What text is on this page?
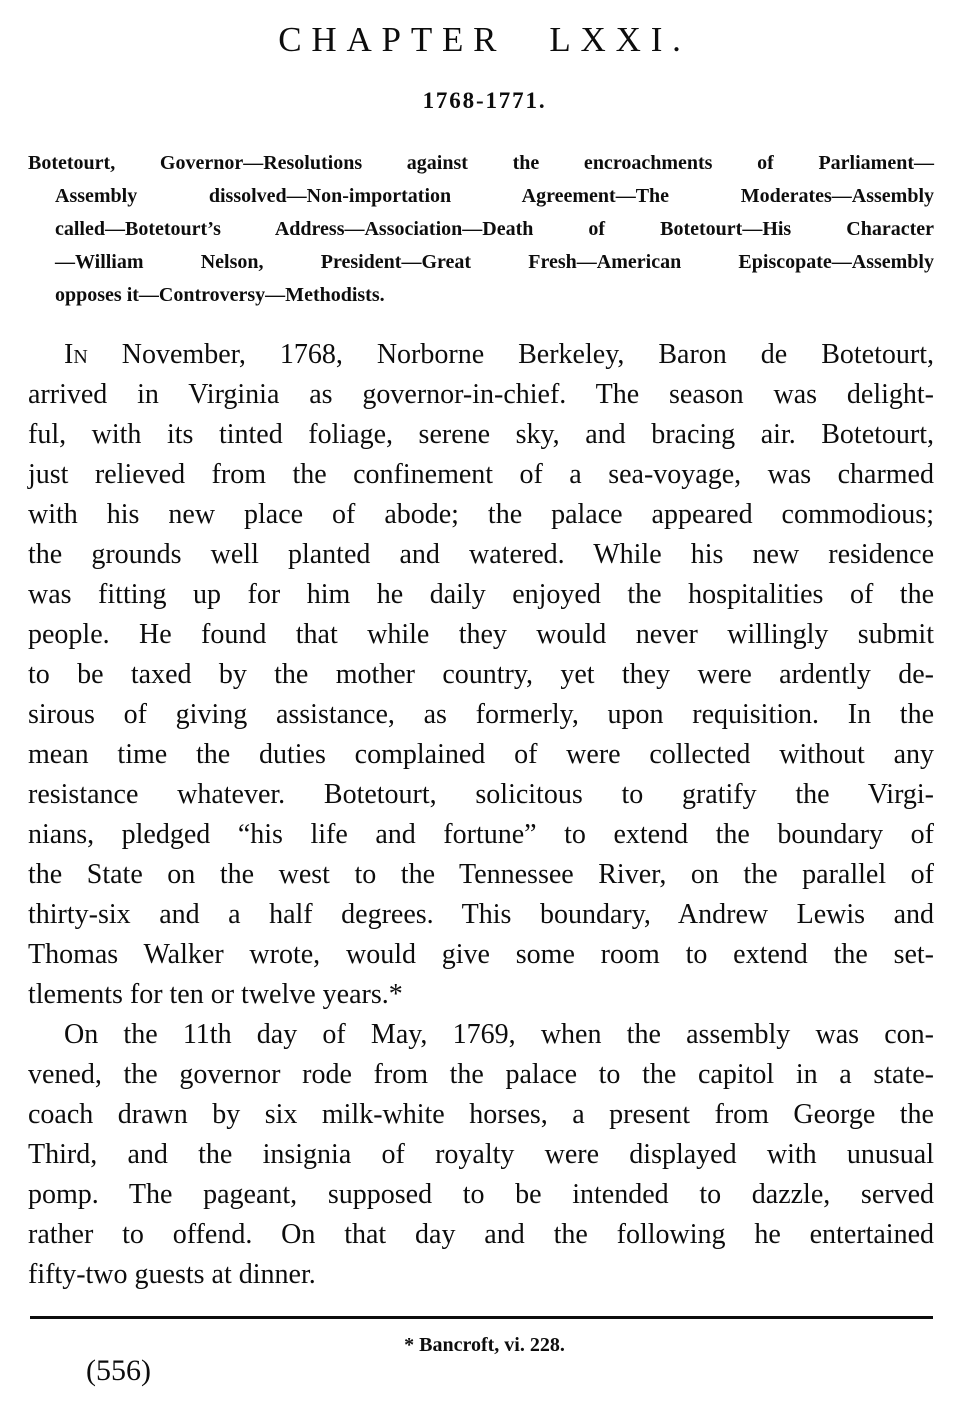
CHAPTER LXXI.
1768-1771.
Botetourt, Governor—Resolutions against the encroachments of Parliament—
Assembly dissolved—Non-importation Agreement—The Moderates—Assembly
called—Botetourt’s Address—Association—Death of Botetourt—His Character
—William Nelson, President—Great Fresh—American Episcopate—Assembly
opposes it—Controversy—Methodists.
In November, 1768, Norborne Berkeley, Baron de Botetourt,
arrived in Virginia as governor-in-chief. The season was delight-
ful, with its tinted foliage, serene sky, and bracing air. Botetourt,
just relieved from the confinement of a sea-voyage, was charmed
with his new place of abode; the palace appeared commodious;
the grounds well planted and watered. While his new residence
was fitting up for him he daily enjoyed the hospitalities of the
people. He found that while they would never willingly submit
to be taxed by the mother country, yet they were ardently de-
sirous of giving assistance, as formerly, upon requisition. In the
mean time the duties complained of were collected without any
resistance whatever. Botetourt, solicitous to gratify the Virgi-
nians, pledged “his life and fortune” to extend the boundary of
the State on the west to the Tennessee River, on the parallel of
thirty-six and a half degrees. This boundary, Andrew Lewis and
Thomas Walker wrote, would give some room to extend the set-
tlements for ten or twelve years.*
On the 11th day of May, 1769, when the assembly was con-
vened, the governor rode from the palace to the capitol in a state-
coach drawn by six milk-white horses, a present from George the
Third, and the insignia of royalty were displayed with unusual
pomp. The pageant, supposed to be intended to dazzle, served
rather to offend. On that day and the following he entertained
fifty-two guests at dinner.
* Bancroft, vi. 228.
(556)
